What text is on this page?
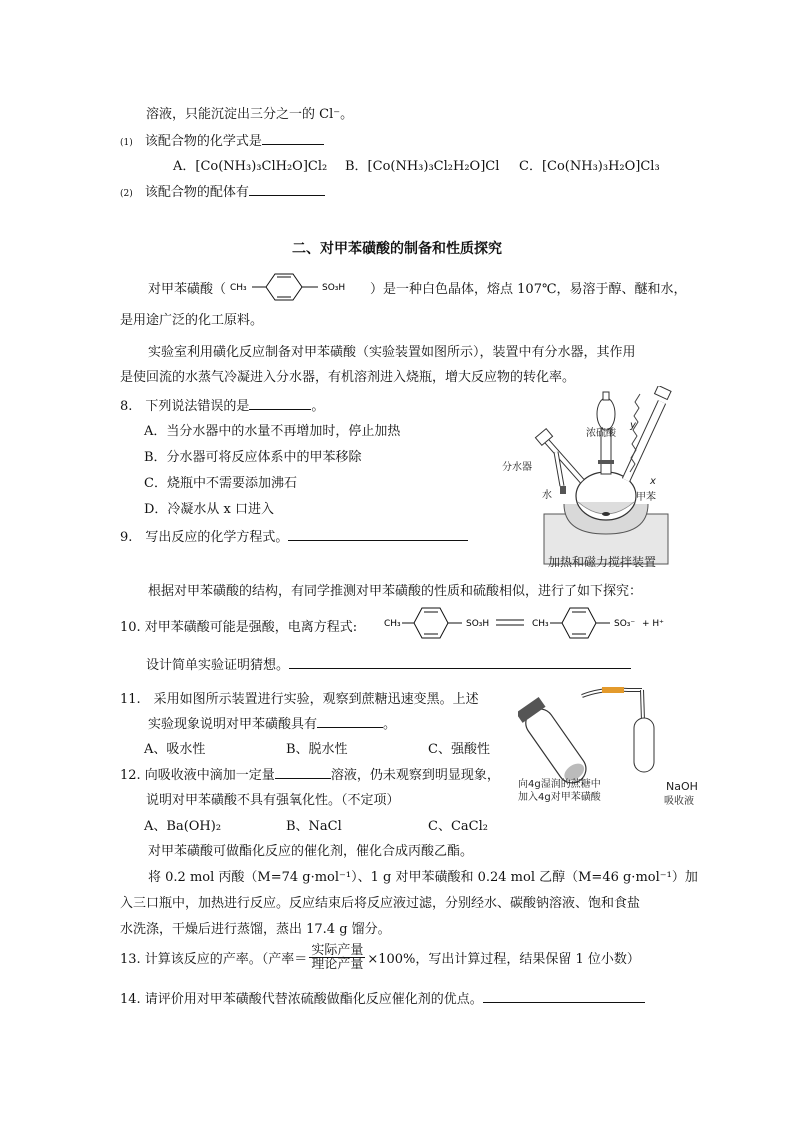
溶液，只能沉淀出三分之一的 Cl⁻。
(1) 该配合物的化学式是
A．[Co(NH₃)₃ClH₂O]Cl₂ B．[Co(NH₃)₃Cl₂H₂O]Cl C．[Co(NH₃)₃H₂O]Cl₃
(2) 该配合物的配体有
二、对甲苯磺酸的制备和性质探究
对甲苯磺酸（ CH₃	SO₃H ）是一种白色晶体，熔点 107℃，易溶于醇、醚和水，
是用途广泛的化工原料。
实验室利用磺化反应制备对甲苯磺酸（实验装置如图所示），装置中有分水器，其作用
是使回流的水蒸气冷凝进入分水器，有机溶剂进入烧瓶，增大反应物的转化率。
8.　下列说法错误的是	。
A．当分水器中的水量不再增加时，停止加热
B．分水器可将反应体系中的甲苯移除
C．烧瓶中不需要添加沸石
D．冷凝水从 x 口进入
9.　写出反应的化学方程式。
加热和磁力搅拌装置
浓硫酸
分水器
水
y
x
甲苯
根据对甲苯磺酸的结构，有同学推测对甲苯磺酸的性质和硫酸相似，进行了如下探究：
10. 对甲苯磺酸可能是强酸，电离方程式:	CH₃	SO₃H	CH₃	SO₃⁻ + H⁺
设计简单实验证明猜想。
11.　采用如图所示装置进行实验，观察到蔗糖迅速变黑。上述
实验现象说明对甲苯磺酸具有	。
A、吸水性	B、脱水性	C、强酸性
向4g湿润的蔗糖中
加入4g对甲苯磺酸
NaOH
吸收液
12. 向吸收液中滴加一定量	溶液，仍未观察到明显现象，
说明对甲苯磺酸不具有强氧化性。（不定项）
A、Ba(OH)₂	B、NaCl	C、CaCl₂
对甲苯磺酸可做酯化反应的催化剂，催化合成丙酸乙酯。
将 0.2 mol 丙酸（M=74 g·mol⁻¹）、1 g 对甲苯磺酸和 0.24 mol 乙醇（M=46 g·mol⁻¹）加
入三口瓶中，加热进行反应。反应结束后将反应液过滤，分别经水、碳酸钠溶液、饱和食盐
水洗涤，干燥后进行蒸馏，蒸出 17.4 g 馏分。
13. 计算该反应的产率。（产率＝ $\frac{\text{实际产量}}{\text{理论产量}} \times 100\%$，写出计算过程，结果保留 1 位小数）
14. 请评价用对甲苯磺酸代替浓硫酸做酯化反应催化剂的优点。
